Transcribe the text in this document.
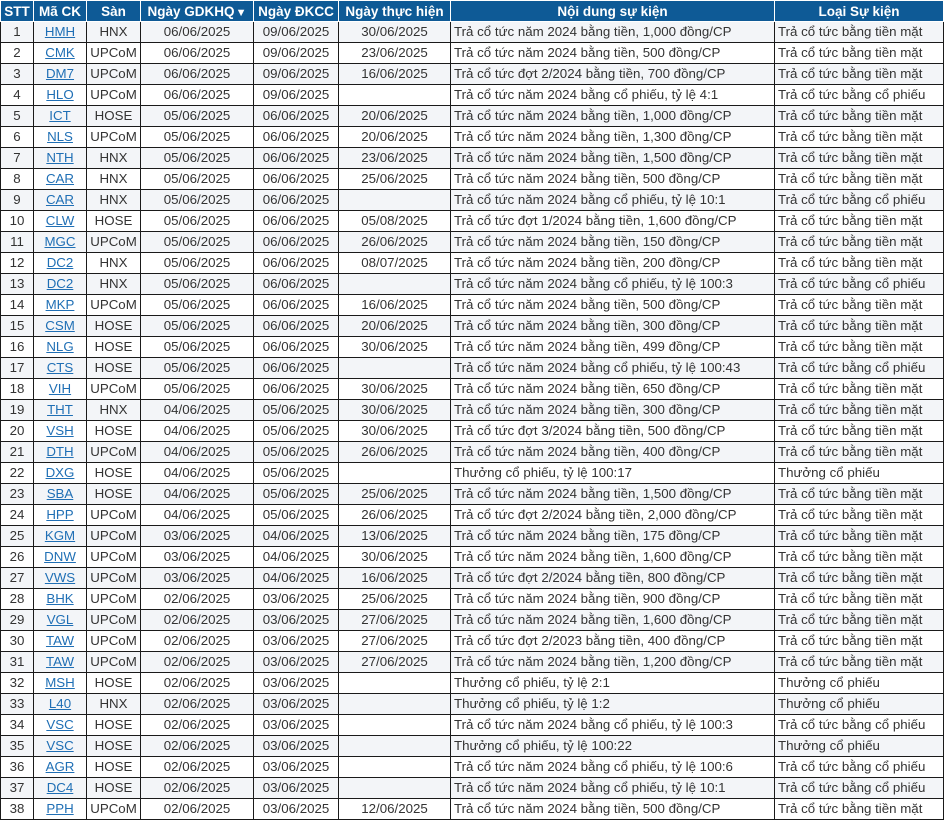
STT	Mã CK	Sàn	Ngày GDKHQ▼	Ngày ĐKCC	Ngày thực hiện	Nội dung sự kiện	Loại Sự kiện
1	HMH	HNX	06/06/2025	09/06/2025	30/06/2025	Trả cổ tức năm 2024 bằng tiền, 1,000 đồng/CP	Trả cổ tức bằng tiền mặt
2	CMK	UPCoM	06/06/2025	09/06/2025	23/06/2025	Trả cổ tức năm 2024 bằng tiền, 500 đồng/CP	Trả cổ tức bằng tiền mặt
3	DM7	UPCoM	06/06/2025	09/06/2025	16/06/2025	Trả cổ tức đợt 2/2024 bằng tiền, 700 đồng/CP	Trả cổ tức bằng tiền mặt
4	HLO	UPCoM	06/06/2025	09/06/2025		Trả cổ tức năm 2024 bằng cổ phiếu, tỷ lệ 4:1	Trả cổ tức bằng cổ phiếu
5	ICT	HOSE	05/06/2025	06/06/2025	20/06/2025	Trả cổ tức năm 2024 bằng tiền, 1,000 đồng/CP	Trả cổ tức bằng tiền mặt
6	NLS	UPCoM	05/06/2025	06/06/2025	20/06/2025	Trả cổ tức năm 2024 bằng tiền, 1,300 đồng/CP	Trả cổ tức bằng tiền mặt
7	NTH	HNX	05/06/2025	06/06/2025	23/06/2025	Trả cổ tức năm 2024 bằng tiền, 1,500 đồng/CP	Trả cổ tức bằng tiền mặt
8	CAR	HNX	05/06/2025	06/06/2025	25/06/2025	Trả cổ tức năm 2024 bằng tiền, 500 đồng/CP	Trả cổ tức bằng tiền mặt
9	CAR	HNX	05/06/2025	06/06/2025		Trả cổ tức năm 2024 bằng cổ phiếu, tỷ lệ 10:1	Trả cổ tức bằng cổ phiếu
10	CLW	HOSE	05/06/2025	06/06/2025	05/08/2025	Trả cổ tức đợt 1/2024 bằng tiền, 1,600 đồng/CP	Trả cổ tức bằng tiền mặt
11	MGC	UPCoM	05/06/2025	06/06/2025	26/06/2025	Trả cổ tức năm 2024 bằng tiền, 150 đồng/CP	Trả cổ tức bằng tiền mặt
12	DC2	HNX	05/06/2025	06/06/2025	08/07/2025	Trả cổ tức năm 2024 bằng tiền, 200 đồng/CP	Trả cổ tức bằng tiền mặt
13	DC2	HNX	05/06/2025	06/06/2025		Trả cổ tức năm 2024 bằng cổ phiếu, tỷ lệ 100:3	Trả cổ tức bằng cổ phiếu
14	MKP	UPCoM	05/06/2025	06/06/2025	16/06/2025	Trả cổ tức năm 2024 bằng tiền, 500 đồng/CP	Trả cổ tức bằng tiền mặt
15	CSM	HOSE	05/06/2025	06/06/2025	20/06/2025	Trả cổ tức năm 2024 bằng tiền, 300 đồng/CP	Trả cổ tức bằng tiền mặt
16	NLG	HOSE	05/06/2025	06/06/2025	30/06/2025	Trả cổ tức năm 2024 bằng tiền, 499 đồng/CP	Trả cổ tức bằng tiền mặt
17	CTS	HOSE	05/06/2025	06/06/2025		Trả cổ tức năm 2024 bằng cổ phiếu, tỷ lệ 100:43	Trả cổ tức bằng cổ phiếu
18	VIH	UPCoM	05/06/2025	06/06/2025	30/06/2025	Trả cổ tức năm 2024 bằng tiền, 650 đồng/CP	Trả cổ tức bằng tiền mặt
19	THT	HNX	04/06/2025	05/06/2025	30/06/2025	Trả cổ tức năm 2024 bằng tiền, 300 đồng/CP	Trả cổ tức bằng tiền mặt
20	VSH	HOSE	04/06/2025	05/06/2025	30/06/2025	Trả cổ tức đợt 3/2024 bằng tiền, 500 đồng/CP	Trả cổ tức bằng tiền mặt
21	DTH	UPCoM	04/06/2025	05/06/2025	26/06/2025	Trả cổ tức năm 2024 bằng tiền, 400 đồng/CP	Trả cổ tức bằng tiền mặt
22	DXG	HOSE	04/06/2025	05/06/2025		Thưởng cổ phiếu, tỷ lệ 100:17	Thưởng cổ phiếu
23	SBA	HOSE	04/06/2025	05/06/2025	25/06/2025	Trả cổ tức năm 2024 bằng tiền, 1,500 đồng/CP	Trả cổ tức bằng tiền mặt
24	HPP	UPCoM	04/06/2025	05/06/2025	26/06/2025	Trả cổ tức đợt 2/2024 bằng tiền, 2,000 đồng/CP	Trả cổ tức bằng tiền mặt
25	KGM	UPCoM	03/06/2025	04/06/2025	13/06/2025	Trả cổ tức năm 2024 bằng tiền, 175 đồng/CP	Trả cổ tức bằng tiền mặt
26	DNW	UPCoM	03/06/2025	04/06/2025	30/06/2025	Trả cổ tức năm 2024 bằng tiền, 1,600 đồng/CP	Trả cổ tức bằng tiền mặt
27	VWS	UPCoM	03/06/2025	04/06/2025	16/06/2025	Trả cổ tức đợt 2/2024 bằng tiền, 800 đồng/CP	Trả cổ tức bằng tiền mặt
28	BHK	UPCoM	02/06/2025	03/06/2025	25/06/2025	Trả cổ tức năm 2024 bằng tiền, 900 đồng/CP	Trả cổ tức bằng tiền mặt
29	VGL	UPCoM	02/06/2025	03/06/2025	27/06/2025	Trả cổ tức năm 2024 bằng tiền, 1,600 đồng/CP	Trả cổ tức bằng tiền mặt
30	TAW	UPCoM	02/06/2025	03/06/2025	27/06/2025	Trả cổ tức đợt 2/2023 bằng tiền, 400 đồng/CP	Trả cổ tức bằng tiền mặt
31	TAW	UPCoM	02/06/2025	03/06/2025	27/06/2025	Trả cổ tức năm 2024 bằng tiền, 1,200 đồng/CP	Trả cổ tức bằng tiền mặt
32	MSH	HOSE	02/06/2025	03/06/2025		Thưởng cổ phiếu, tỷ lệ 2:1	Thưởng cổ phiếu
33	L40	HNX	02/06/2025	03/06/2025		Thưởng cổ phiếu, tỷ lệ 1:2	Thưởng cổ phiếu
34	VSC	HOSE	02/06/2025	03/06/2025		Trả cổ tức năm 2024 bằng cổ phiếu, tỷ lệ 100:3	Trả cổ tức bằng cổ phiếu
35	VSC	HOSE	02/06/2025	03/06/2025		Thưởng cổ phiếu, tỷ lệ 100:22	Thưởng cổ phiếu
36	AGR	HOSE	02/06/2025	03/06/2025		Trả cổ tức năm 2024 bằng cổ phiếu, tỷ lệ 100:6	Trả cổ tức bằng cổ phiếu
37	DC4	HOSE	02/06/2025	03/06/2025		Trả cổ tức năm 2024 bằng cổ phiếu, tỷ lệ 10:1	Trả cổ tức bằng cổ phiếu
38	PPH	UPCoM	02/06/2025	03/06/2025	12/06/2025	Trả cổ tức năm 2024 bằng tiền, 500 đồng/CP	Trả cổ tức bằng tiền mặt
